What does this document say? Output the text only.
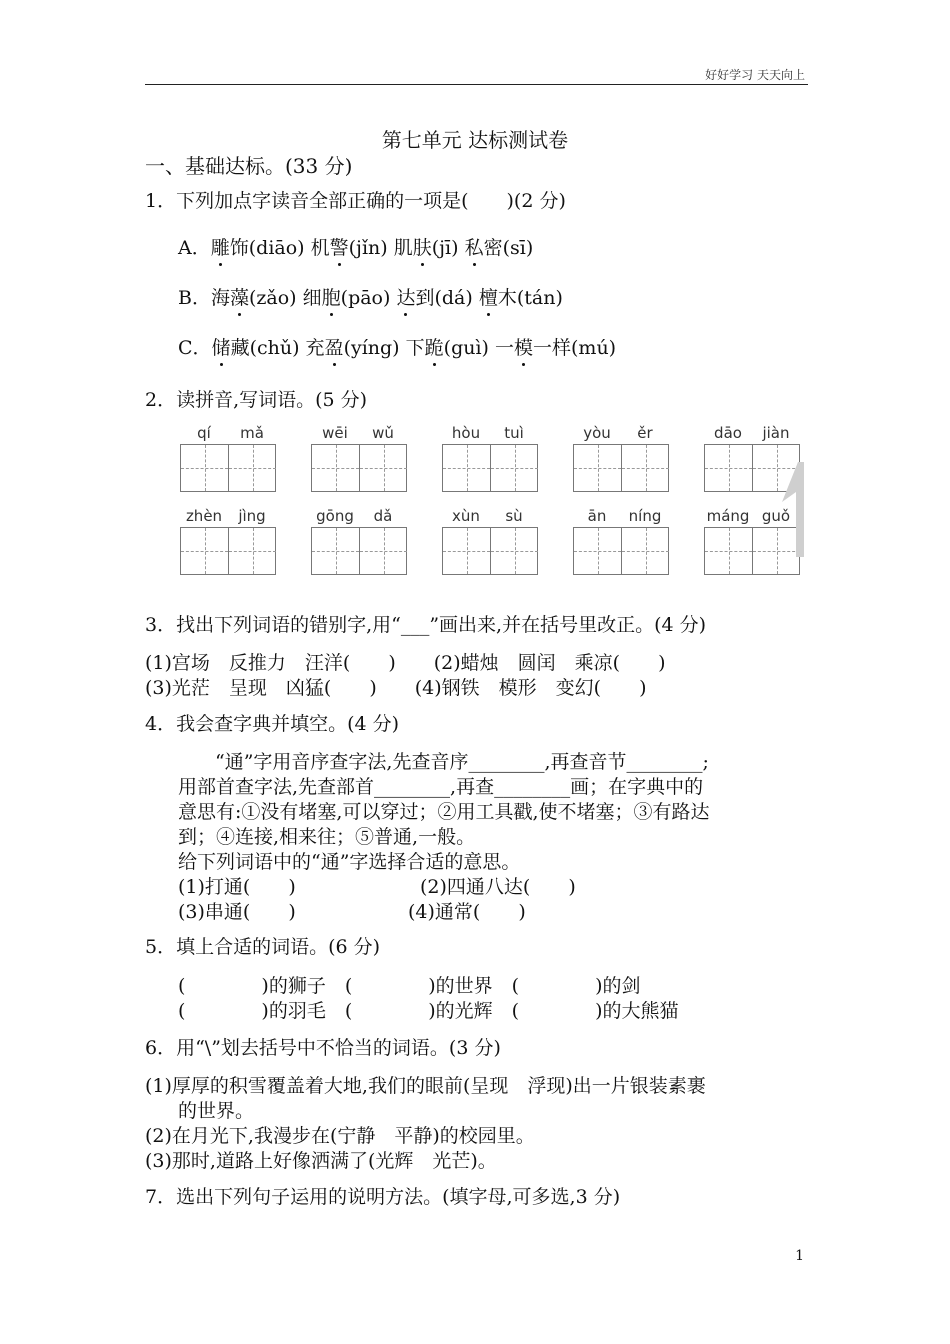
好好学习 天天向上
第七单元 达标测试卷
一、基础达标。(33 分)
1．下列加点字读音全部正确的一项是(　　)(2 分)
A．雕饰(diāo) 机警(jǐn) 肌肤(jī) 私密(sī)
B．海藻(zǎo) 细胞(pāo) 达到(dá) 檀木(tán)
C．储藏(chǔ) 充盈(yíng) 下跪(guì) 一模一样(mú)
2．读拼音,写词语。(5 分)
qí	mǎ	wēi	wǔ	hòu	tuì	yòu	ěr	dāo	jiàn
zhèn	jìng	gōng	dǎ	xùn	sù	ān	níng	máng guǒ
3．找出下列词语的错别字,用“___”画出来,并在括号里改正。(4 分)
(1)宫场　反推力　汪洋(　　)　　(2)蜡烛　圆闰　乘凉(　　)
(3)光茫　呈现　凶猛(　　)　　(4)钢铁　模形　变幻(　　)
4．我会查字典并填空。(4 分)
“通”字用音序查字法,先查音序________,再查音节________;
用部首查字法,先查部首________,再查________画；在字典中的
意思有:①没有堵塞,可以穿过；②用工具戳,使不堵塞；③有路达
到；④连接,相来往；⑤普通,一般。
给下列词语中的“通”字选择合适的意思。
(1)打通(　　)	(2)四通八达(　　)
(3)串通(　　)	(4)通常(　　)
5．填上合适的词语。(6 分)
(　　　　)的狮子　(　　　　)的世界　(　　　　)的剑
(　　　　)的羽毛　(　　　　)的光辉　(　　　　)的大熊猫
6．用“\”划去括号中不恰当的词语。(3 分)
(1)厚厚的积雪覆盖着大地,我们的眼前(呈现　浮现)出一片银装素裹
的世界。
(2)在月光下,我漫步在(宁静　平静)的校园里。
(3)那时,道路上好像洒满了(光辉　光芒)。
7．选出下列句子运用的说明方法。(填字母,可多选,3 分)
1
